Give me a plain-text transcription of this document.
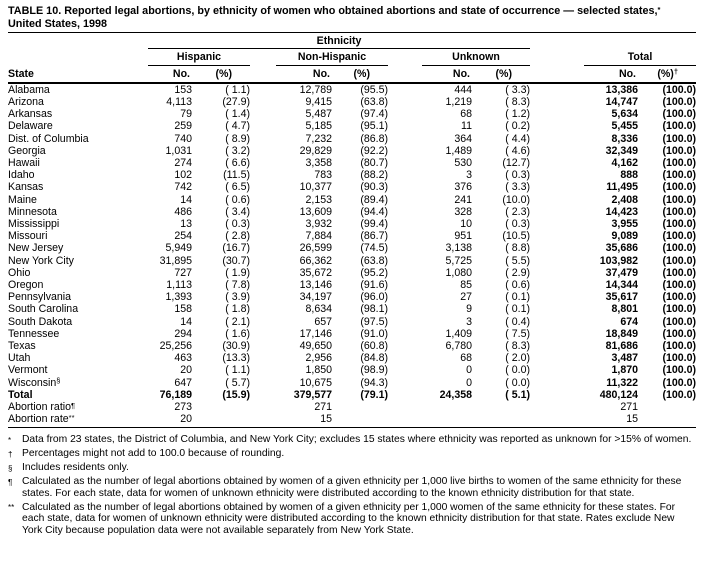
TABLE 10. Reported legal abortions, by ethnicity of women who obtained abortions and state of occurrence — selected states,*
United States, 1998
	Ethnicity							

	Hispanic		Non-Hispanic		Unknown		Total	

State	No.	(%)	No.	(%)	No.	(%)	No.	(%)†
Alabama	153	( 1.1)	12,789	(95.5)	444	( 3.3)	13,386	(100.0)
Arizona	4,113	(27.9)	9,415	(63.8)	1,219	( 8.3)	14,747	(100.0)
Arkansas	79	( 1.4)	5,487	(97.4)	68	( 1.2)	5,634	(100.0)
Delaware	259	( 4.7)	5,185	(95.1)	11	( 0.2)	5,455	(100.0)
Dist. of Columbia	740	( 8.9)	7,232	(86.8)	364	( 4.4)	8,336	(100.0)
Georgia	1,031	( 3.2)	29,829	(92.2)	1,489	( 4.6)	32,349	(100.0)
Hawaii	274	( 6.6)	3,358	(80.7)	530	(12.7)	4,162	(100.0)
Idaho	102	(11.5)	783	(88.2)	3	( 0.3)	888	(100.0)
Kansas	742	( 6.5)	10,377	(90.3)	376	( 3.3)	11,495	(100.0)
Maine	14	( 0.6)	2,153	(89.4)	241	(10.0)	2,408	(100.0)
Minnesota	486	( 3.4)	13,609	(94.4)	328	( 2.3)	14,423	(100.0)
Mississippi	13	( 0.3)	3,932	(99.4)	10	( 0.3)	3,955	(100.0)
Missouri	254	( 2.8)	7,884	(86.7)	951	(10.5)	9,089	(100.0)
New Jersey	5,949	(16.7)	26,599	(74.5)	3,138	( 8.8)	35,686	(100.0)
New York City	31,895	(30.7)	66,362	(63.8)	5,725	( 5.5)	103,982	(100.0)
Ohio	727	( 1.9)	35,672	(95.2)	1,080	( 2.9)	37,479	(100.0)
Oregon	1,113	( 7.8)	13,146	(91.6)	85	( 0.6)	14,344	(100.0)
Pennsylvania	1,393	( 3.9)	34,197	(96.0)	27	( 0.1)	35,617	(100.0)
South Carolina	158	( 1.8)	8,634	(98.1)	9	( 0.1)	8,801	(100.0)
South Dakota	14	( 2.1)	657	(97.5)	3	( 0.4)	674	(100.0)
Tennessee	294	( 1.6)	17,146	(91.0)	1,409	( 7.5)	18,849	(100.0)
Texas	25,256	(30.9)	49,650	(60.8)	6,780	( 8.3)	81,686	(100.0)
Utah	463	(13.3)	2,956	(84.8)	68	( 2.0)	3,487	(100.0)
Vermont	20	( 1.1)	1,850	(98.9)	0	( 0.0)	1,870	(100.0)
Wisconsin§	647	( 5.7)	10,675	(94.3)	0	( 0.0)	11,322	(100.0)
Total	76,189	(15.9)	379,577	(79.1)	24,358	( 5.1)	480,124	(100.0)
Abortion ratio¶	273		271				271	
Abortion rate**	20		15				15	
*	Data from 23 states, the District of Columbia, and New York City; excludes 15 states where ethnicity was reported as unknown for >15% of women.
† Percentages might not add to 100.0 because of rounding.
§ Includes residents only.
¶ Calculated as the number of legal abortions obtained by women of a given ethnicity per 1,000 live births to women of the same ethnicity for these states. For each state, data for women of unknown ethnicity were distributed according to the known ethnicity distribution for that state.
** Calculated as the number of legal abortions obtained by women of a given ethnicity per 1,000 women of the same ethnicity for these states. For each state, data for women of unknown ethnicity were distributed according to the known ethnicity distribution for that state. Rates exclude New York City because population data were not available separately from New York State.
